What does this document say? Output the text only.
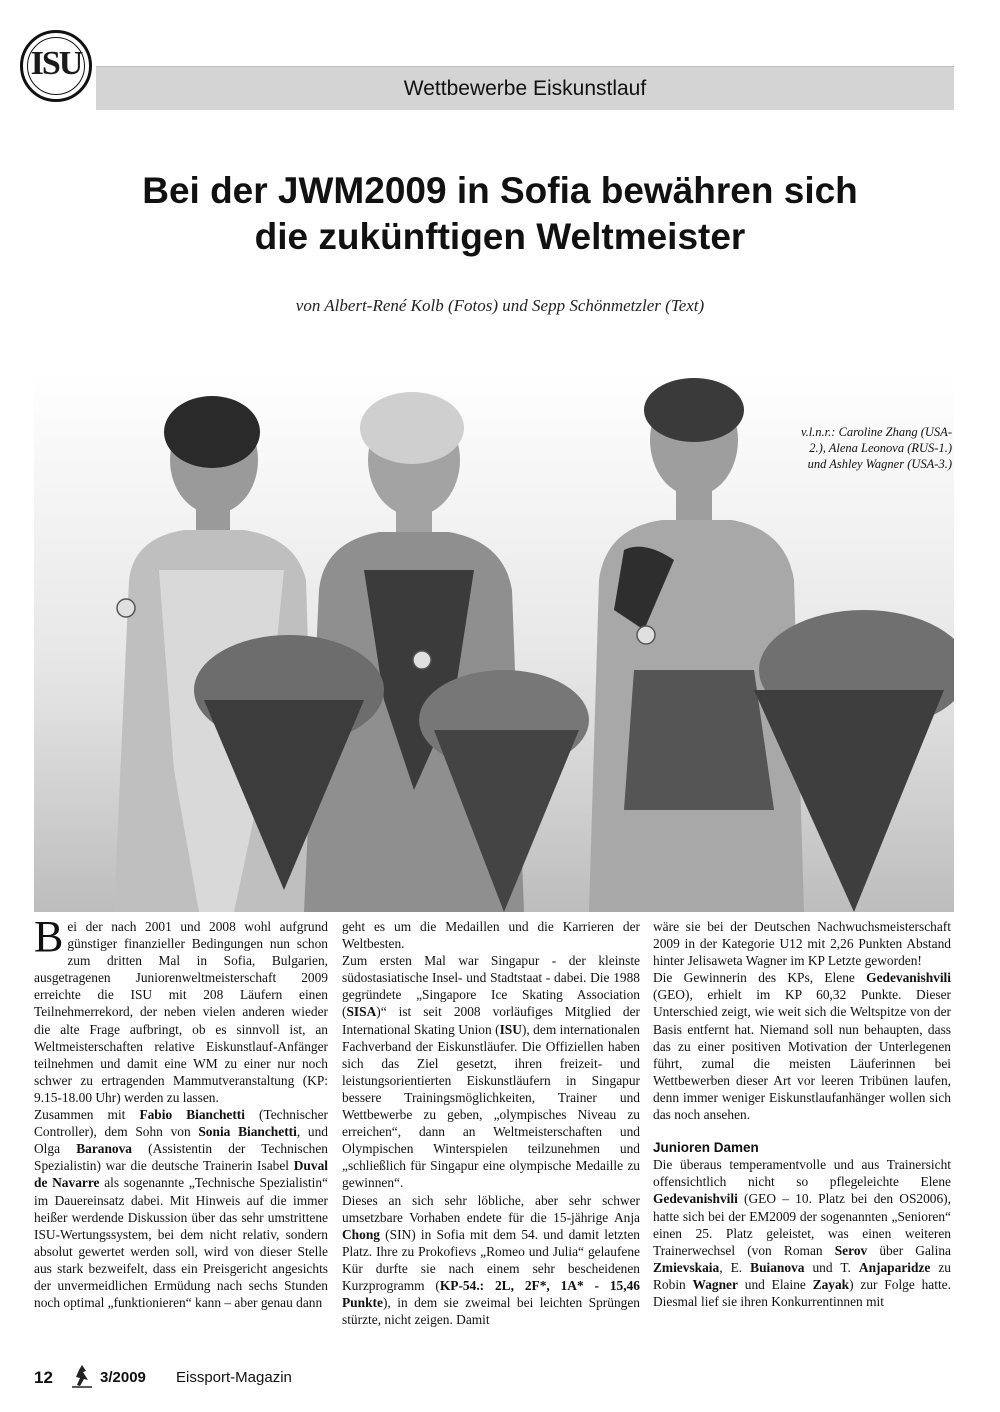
ISU
Wettbewerbe Eiskunstlauf
Bei der JWM2009 in Sofia bewähren sich
die zukünftigen Weltmeister
von Albert-René Kolb (Fotos) und Sepp Schönmetzler (Text)
v.l.n.r.: Caroline Zhang (USA-2.), Alena Leonova (RUS-1.) und Ashley Wagner (USA-3.)

Bei der nach 2001 und 2008 wohl aufgrund günstiger finanzieller Bedingungen nun schon zum dritten Mal in Sofia, Bulgarien, ausgetragenen Juniorenweltmeisterschaft 2009 erreichte die ISU mit 208 Läufern einen Teilnehmerrekord, der neben vielen anderen wieder die alte Frage aufbringt, ob es sinnvoll ist, an Weltmeisterschaften relative Eiskunstlauf-Anfänger teilnehmen und damit eine WM zu einer nur noch schwer zu ertragenden Mammutveranstaltung (KP: 9.15-18.00 Uhr) werden zu lassen.

Zusammen mit Fabio Bianchetti (Technischer Controller), dem Sohn von Sonia Bianchetti, und Olga Baranova (Assistentin der Technischen Spezialistin) war die deutsche Trainerin Isabel Duval de Navarre als sogenannte „Technische Spezialistin“ im Dauereinsatz dabei. Mit Hinweis auf die immer heißer werdende Diskussion über das sehr umstrittene ISU-Wertungssystem, bei dem nicht relativ, sondern absolut gewertet werden soll, wird von dieser Stelle aus stark bezweifelt, dass ein Preisgericht angesichts der unvermeidlichen Ermüdung nach sechs Stunden noch optimal „funktionieren“ kann – aber genau dann

geht es um die Medaillen und die Karrieren der Weltbesten.

Zum ersten Mal war Singapur - der kleinste südostasiatische Insel- und Stadtstaat - dabei. Die 1988 gegründete „Singapore Ice Skating Association (SISA)“ ist seit 2008 vorläufiges Mitglied der International Skating Union (ISU), dem internationalen Fachverband der Eiskunstläufer. Die Offiziellen haben sich das Ziel gesetzt, ihren freizeit- und leistungsorientierten Eiskunstläufern in Singapur bessere Trainingsmöglichkeiten, Trainer und Wettbewerbe zu geben, „olympisches Niveau zu erreichen“, dann an Weltmeisterschaften und Olympischen Winterspielen teilzunehmen und „schließlich für Singapur eine olympische Medaille zu gewinnen“.

Dieses an sich sehr löbliche, aber sehr schwer umsetzbare Vorhaben endete für die 15-jährige Anja Chong (SIN) in Sofia mit dem 54. und damit letzten Platz. Ihre zu Prokofievs „Romeo und Julia“ gelaufene Kür durfte sie nach einem sehr bescheidenen Kurzprogramm (KP-54.: 2L, 2F*, 1A* - 15,46 Punkte), in dem sie zweimal bei leichten Sprüngen stürzte, nicht zeigen. Damit

wäre sie bei der Deutschen Nachwuchsmeisterschaft 2009 in der Kategorie U12 mit 2,26 Punkten Abstand hinter Jelisaweta Wagner im KP Letzte geworden!

Die Gewinnerin des KPs, Elene Gedevanishvili (GEO), erhielt im KP 60,32 Punkte. Dieser Unterschied zeigt, wie weit sich die Weltspitze von der Basis entfernt hat. Niemand soll nun behaupten, dass das zu einer positiven Motivation der Unterlegenen führt, zumal die meisten Läuferinnen bei Wettbewerben dieser Art vor leeren Tribünen laufen, denn immer weniger Eiskunstlaufanhänger wollen sich das noch ansehen.

Junioren Damen

Die überaus temperamentvolle und aus Trainersicht offensichtlich nicht so pflegeleichte Elene Gedevanishvili (GEO – 10. Platz bei den OS2006), hatte sich bei der EM2009 der sogenannten „Senioren“ einen 25. Platz geleistet, was einen weiteren Trainerwechsel (von Roman Serov über Galina Zmievskaia, E. Buianova und T. Anjaparidze zu Robin Wagner und Elaine Zayak) zur Folge hatte. Diesmal lief sie ihren Konkurrentinnen mit

12	3/2009 Eissport-Magazin
